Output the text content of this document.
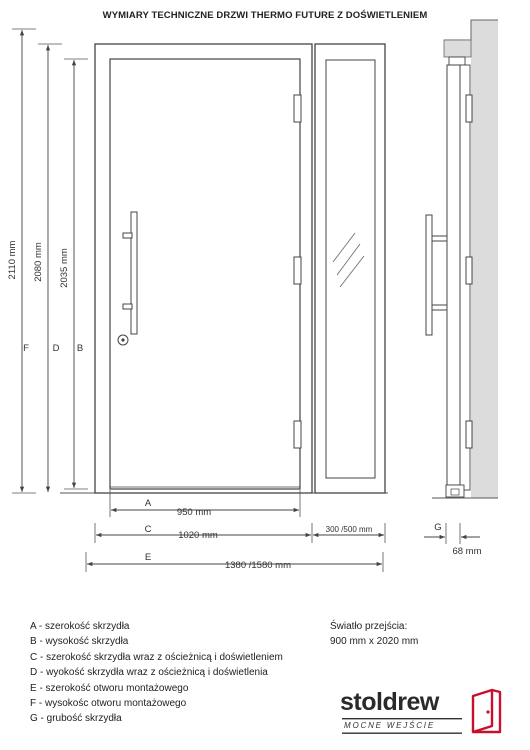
WYMIARY TECHNICZNE DRZWI THERMO FUTURE Z DOŚWIETLENIEM
2110 mm
F
2080 mm
D
2035 mm
B
A
950 mm
C
1020 mm
300 /500 mm
E
1380 /1580 mm
G
68 mm
A - szerokość skrzydła
B - wysokość skrzydła
C - szerokość skrzydła wraz z ościeżnicą i doświetleniem
D - wyokość skrzydła wraz z ościeżnicą i doświetlenia
E - szerokość otworu montażowego
F - wysokośc otworu montażowego
G - grubość skrzydła
Światło przejścia:
900 mm x 2020 mm
stoldrew
MOCNE WEJŚCIE
